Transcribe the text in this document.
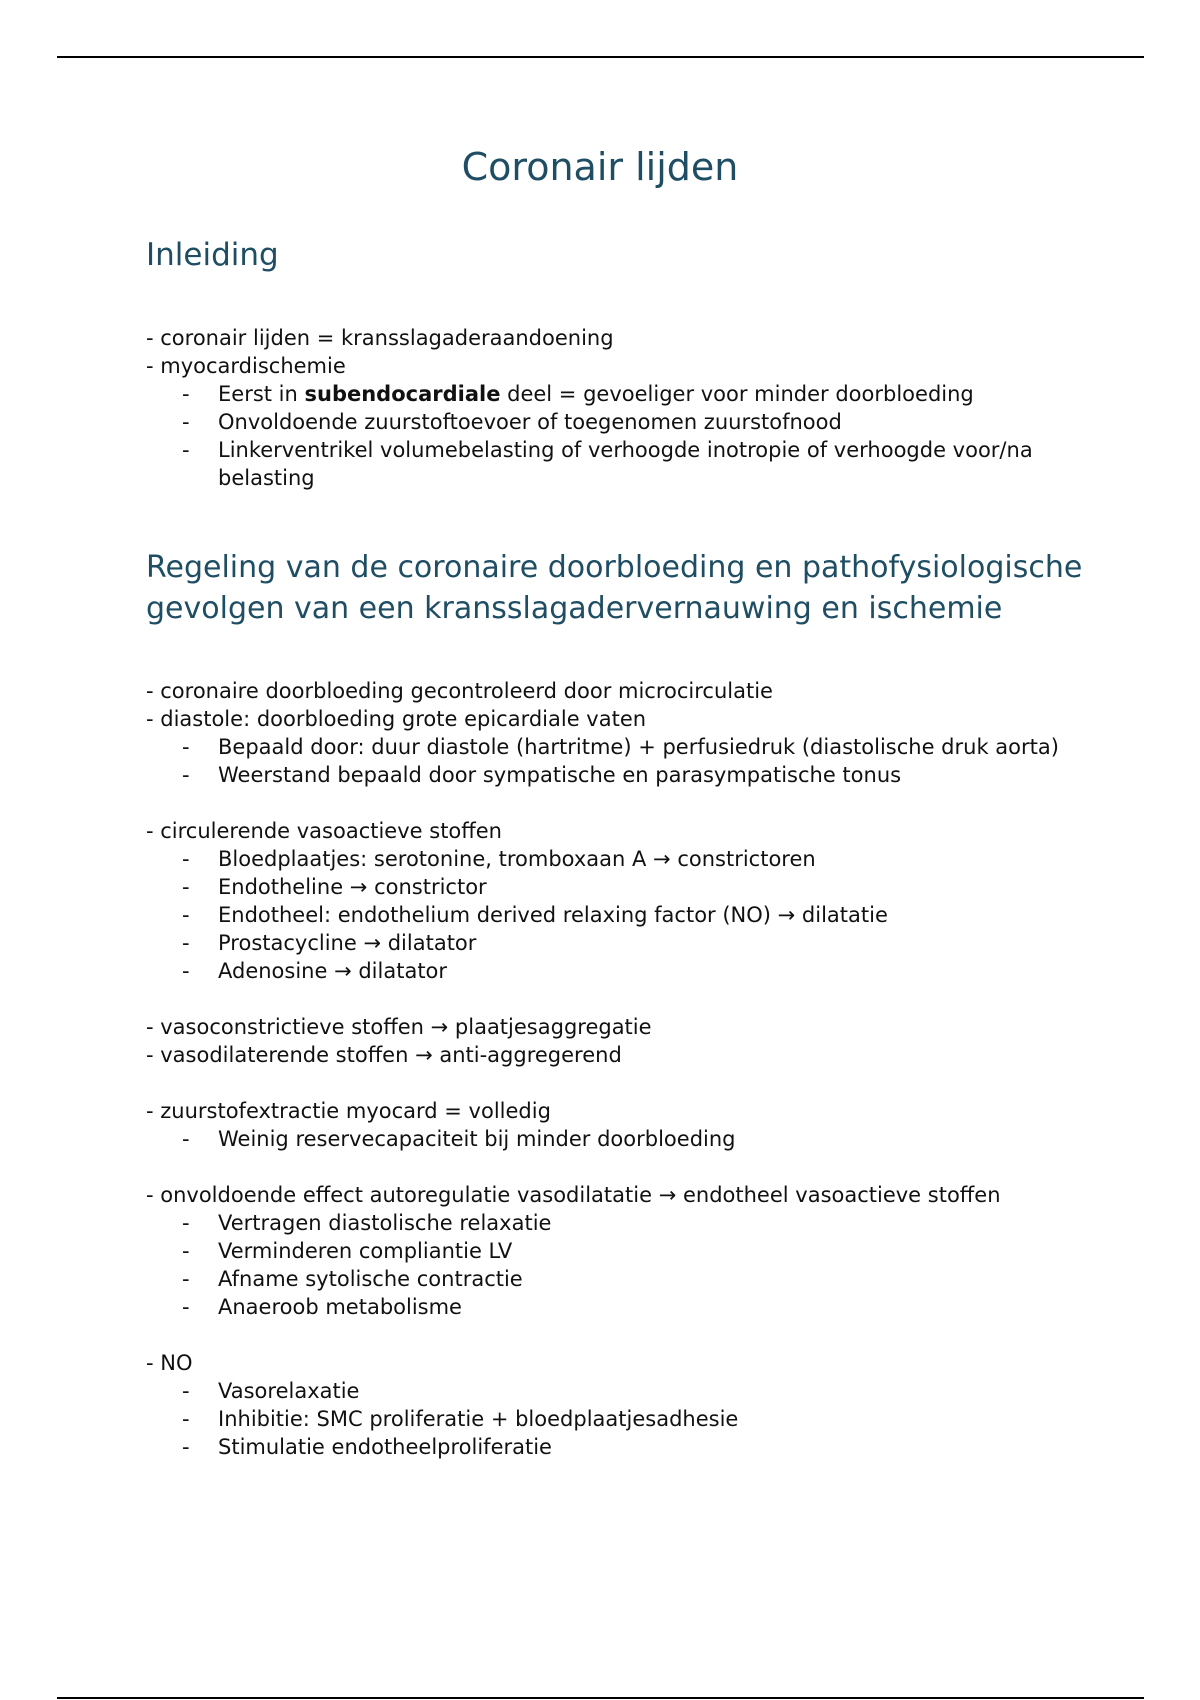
Coronair lijden
Inleiding
- coronair lijden = kransslagaderaandoening
- myocardischemie
- Eerst in subendocardiale deel = gevoeliger voor minder doorbloeding
- Onvoldoende zuurstoftoevoer of toegenomen zuurstofnood
- Linkerventrikel volumebelasting of verhoogde inotropie of verhoogde voor/na belasting
Regeling van de coronaire doorbloeding en pathofysiologische gevolgen van een kransslagadervernauwing en ischemie
- coronaire doorbloeding gecontroleerd door microcirculatie
- diastole: doorbloeding grote epicardiale vaten
- Bepaald door: duur diastole (hartritme) + perfusiedruk (diastolische druk aorta)
- Weerstand bepaald door sympatische en parasympatische tonus
- circulerende vasoactieve stoffen
- Bloedplaatjes: serotonine, tromboxaan A → constrictoren
- Endotheline → constrictor
- Endotheel: endothelium derived relaxing factor (NO) → dilatatie
- Prostacycline → dilatator
- Adenosine → dilatator
- vasoconstrictieve stoffen → plaatjesaggregatie
- vasodilaterende stoffen → anti-aggregerend
- zuurstofextractie myocard = volledig
- Weinig reservecapaciteit bij minder doorbloeding
- onvoldoende effect autoregulatie vasodilatatie → endotheel vasoactieve stoffen
- Vertragen diastolische relaxatie
- Verminderen compliantie LV
- Afname sytolische contractie
- Anaeroob metabolisme
- NO
- Vasorelaxatie
- Inhibitie: SMC proliferatie + bloedplaatjesadhesie
- Stimulatie endotheelproliferatie
